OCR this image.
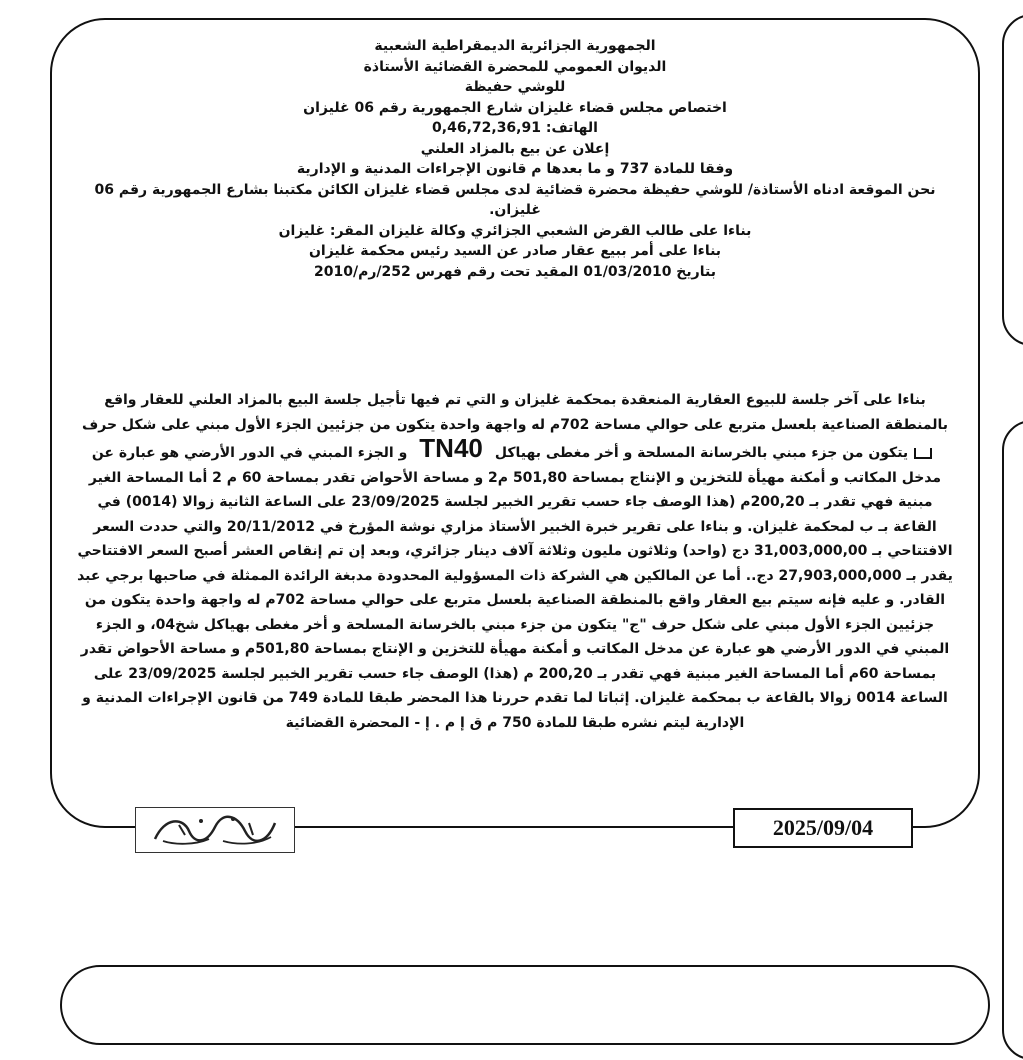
الجمهورية الجزائرية الديمقراطية الشعبية
الديوان العمومي للمحضرة القضائية الأستاذة
للوشي حفيظة
اختصاص مجلس قضاء غليزان شارع الجمهورية رقم 06 غليزان
الهاتف: 0,46,72,36,91
إعلان عن بيع بالمزاد العلني
وفقا للمادة 737 و ما بعدها م قانون الإجراءات المدنية و الإدارية
نحن الموقعة ادناه الأستاذة/ للوشي حفيظة محضرة قضائية لدى مجلس قضاء غليزان الكائن مكتبنا بشارع الجمهورية رقم 06 غليزان.
بناءا على طالب القرض الشعبي الجزائري وكالة غليزان المقر: غليزان
بناءا على أمر ببيع عقار صادر عن السيد رئيس محكمة غليزان
بتاريخ 01/03/2010 المقيد تحت رقم فهرس 252/رم/2010
بناءا على آخر جلسة للبيوع العقارية المنعقدة بمحكمة غليزان و التي تم فيها تأجيل جلسة البيع بالمزاد العلني للعقار واقع بالمنطقة الصناعية بلعسل متربع على حوالي مساحة 702م له واجهة واحدة يتكون من جزئيين الجزء الأول مبني على شكل حرفيتكون من جزء مبني بالخرسانة المسلحة و أخر مغطى بهياكلTN40و الجزء المبني في الدور الأرضي هو عبارة عن مدخل المكاتب و أمكنة مهيأة للتخزين و الإنتاج بمساحة 501,80 م2 و مساحة الأحواض تقدر بمساحة 60 م 2 أما المساحة الغير مبنية فهي تقدر بـ 200,20م (هذا الوصف جاء حسب تقرير الخبير لجلسة 23/09/2025 على الساعة الثانية زوالا (0014) في القاعة بـ ب لمحكمة غليزان. و بناءا على تقرير خبرة الخبير الأستاذ مزاري نوشة المؤرخ في 20/11/2012 والتي حددت السعر الافتتاحي بـ 31,003,000,00 دج (واحد) وثلاثون مليون وثلاثة آلاف دينار جزائري، وبعد إن تم إنقاص العشر أصبح السعر الافتتاحي يقدر بـ 27,903,000,000 دج.. أما عن المالكين هي الشركة ذات المسؤولية المحدودة مدبغة الرائدة الممثلة في صاحبها برجي عبد القادر. و عليه فإنه سيتم بيع العقار واقع بالمنطقة الصناعية بلعسل متربع على حوالي مساحة 702م له واجهة واحدة يتكون من جزئيين الجزء الأول مبني على شكل حرف "ج" يتكون من جزء مبني بالخرسانة المسلحة و أخر مغطى بهياكل شخ04، و الجزء المبني في الدور الأرضي هو عبارة عن مدخل المكاتب و أمكنة مهيأة للتخزين و الإنتاج بمساحة 501,80م و مساحة الأحواض تقدر بمساحة 60م أما المساحة الغير مبنية فهي تقدر بـ 200,20 م (هذا) الوصف جاء حسب تقرير الخبير لجلسة 23/09/2025 على الساعة 0014 زوالا بالقاعة ب بمحكمة غليزان. إثباتا لما تقدم حررنا هذا المحضر طبقا للمادة 749 من قانون الإجراءات المدنية و الإدارية ليتم نشره طبقا للمادة 750 م ق إ م . إ - المحضرة القضائية
2025/09/04
